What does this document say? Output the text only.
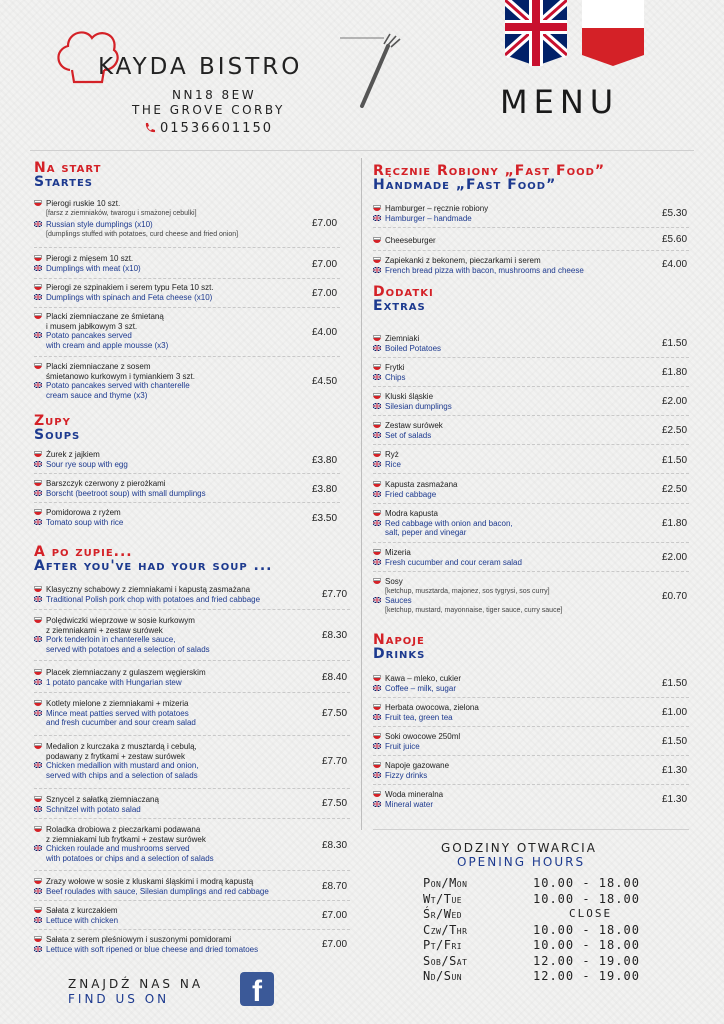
KAYDA BISTRO
NN18 8EW
THE GROVE CORBY
01536601150
MENU
Na start
Startes
Pierogi ruskie 10 szt.
[farsz z ziemniaków, twarogu i smażonej cebulki]
Russian style dumplings (x10)
[dumplings stuffed with potatoes, curd cheese and fried onion]
£7.00
Pierogi z mięsem 10 szt.
Dumplings with meat (x10)	£7.00
Pierogi ze szpinakiem i serem typu Feta 10 szt.
Dumplings with spinach and Feta cheese (x10)	£7.00
Placki ziemniaczane ze śmietaną
i musem jabłkowym 3 szt.
Potato pancakes served
with cream and apple mousse (x3)
£4.00
Placki ziemniaczane z sosem
śmietanowo kurkowym i tymiankiem 3 szt.
Potato pancakes served with chanterelle
cream sauce and thyme (x3)
£4.50
Zupy
Soups
Żurek z jajkiem
Sour rye soup with egg	£3.80
Barszczyk czerwony z pierożkami
Borscht (beetroot soup) with small dumplings	£3.80
Pomidorowa z ryżem
Tomato soup with rice	£3.50
A po zupie...
After you've had your soup ...
Klasyczny schabowy z ziemniakami i kapustą zasmażana
Traditional Polish pork chop with potatoes and fried cabbage	£7.70
Polędwiczki wieprzowe w sosie kurkowym
z ziemniakami + zestaw surówek
Pork tenderloin in chanterelle sauce,
served with potatoes and a selection of salads
£8.30
Placek ziemniaczany z gulaszem węgierskim
1 potato pancake with Hungarian stew	£8.40
Kotlety mielone z ziemniakami + mizeria
Mince meat patties served with potatoes
and fresh cucumber and sour cream salad
£7.50
Medalion z kurczaka z musztardą i cebulą,
podawany z frytkami + zestaw surówek
Chicken medallion with mustard and onion,
served with chips and a selection of salads
£7.70
Sznycel z sałatką ziemniaczaną
Schnitzel with potato salad
£7.50
Roladka drobiowa z pieczarkami podawana
z ziemniakami lub frytkami + zestaw surówek
Chicken roulade and mushrooms served
with potatoes or chips and a selection of salads
£8.30
Zrazy wołowe w sosie z kluskami śląskimi i modrą kapustą
Beef roulades with sauce, Silesian dumplings and red cabbage	£8.70
Sałata z kurczakiem
Lettuce with chicken	£7.00
Sałata z serem pleśniowym i suszonymi pomidorami
Lettuce with soft ripened or blue cheese and dried tomatoes	£7.00
Ręcznie Robiony „Fast Food”
Handmade „Fast Food”
Hamburger – ręcznie robiony
Hamburger – handmade	£5.30
Cheeseburger	£5.60
Zapiekanki z bekonem, pieczarkami i serem
French bread pizza with bacon, mushrooms and cheese
£4.00
Dodatki
Extras
Ziemniaki
Boiled Potatoes	£1.50
Frytki
Chips	£1.80
Kluski śląskie
Silesian dumplings	£2.00
Zestaw surówek
Set of salads	£2.50
Ryż
Rice	£1.50
Kapusta zasmażana
Fried cabbage	£2.50
Modra kapusta
Red cabbage with onion and bacon,
salt, peper and vinegar
£1.80
Mizeria
Fresh cucumber and cour ceram salad	£2.00
Sosy
[ketchup, musztarda, majonez, sos tygrysi, sos curry]
Sauces
[ketchup, mustard, mayonnaise, tiger sauce, curry sauce]
£0.70
Napoje
Drinks
Kawa – mleko, cukier
Coffee – milk, sugar	£1.50
Herbata owocowa, zielona
Fruit tea, green tea	£1.00
Soki owocowe 250ml
Fruit juice	£1.50
Napoje gazowane
Fizzy drinks	£1.30
Woda mineralna
Mineral water	£1.30
GODZINY OTWARCIA
OPENING HOURS
Pon/Mon	10.00 - 18.00
Wt/Tue	10.00 - 18.00
Śr/Wed	CLOSE
Czw/Thr	10.00 - 18.00
Pt/Fri	10.00 - 18.00
Sob/Sat	12.00 - 19.00
Nd/Sun	12.00 - 19.00
ZNAJDŹ NAS NA
FIND US ON	f
